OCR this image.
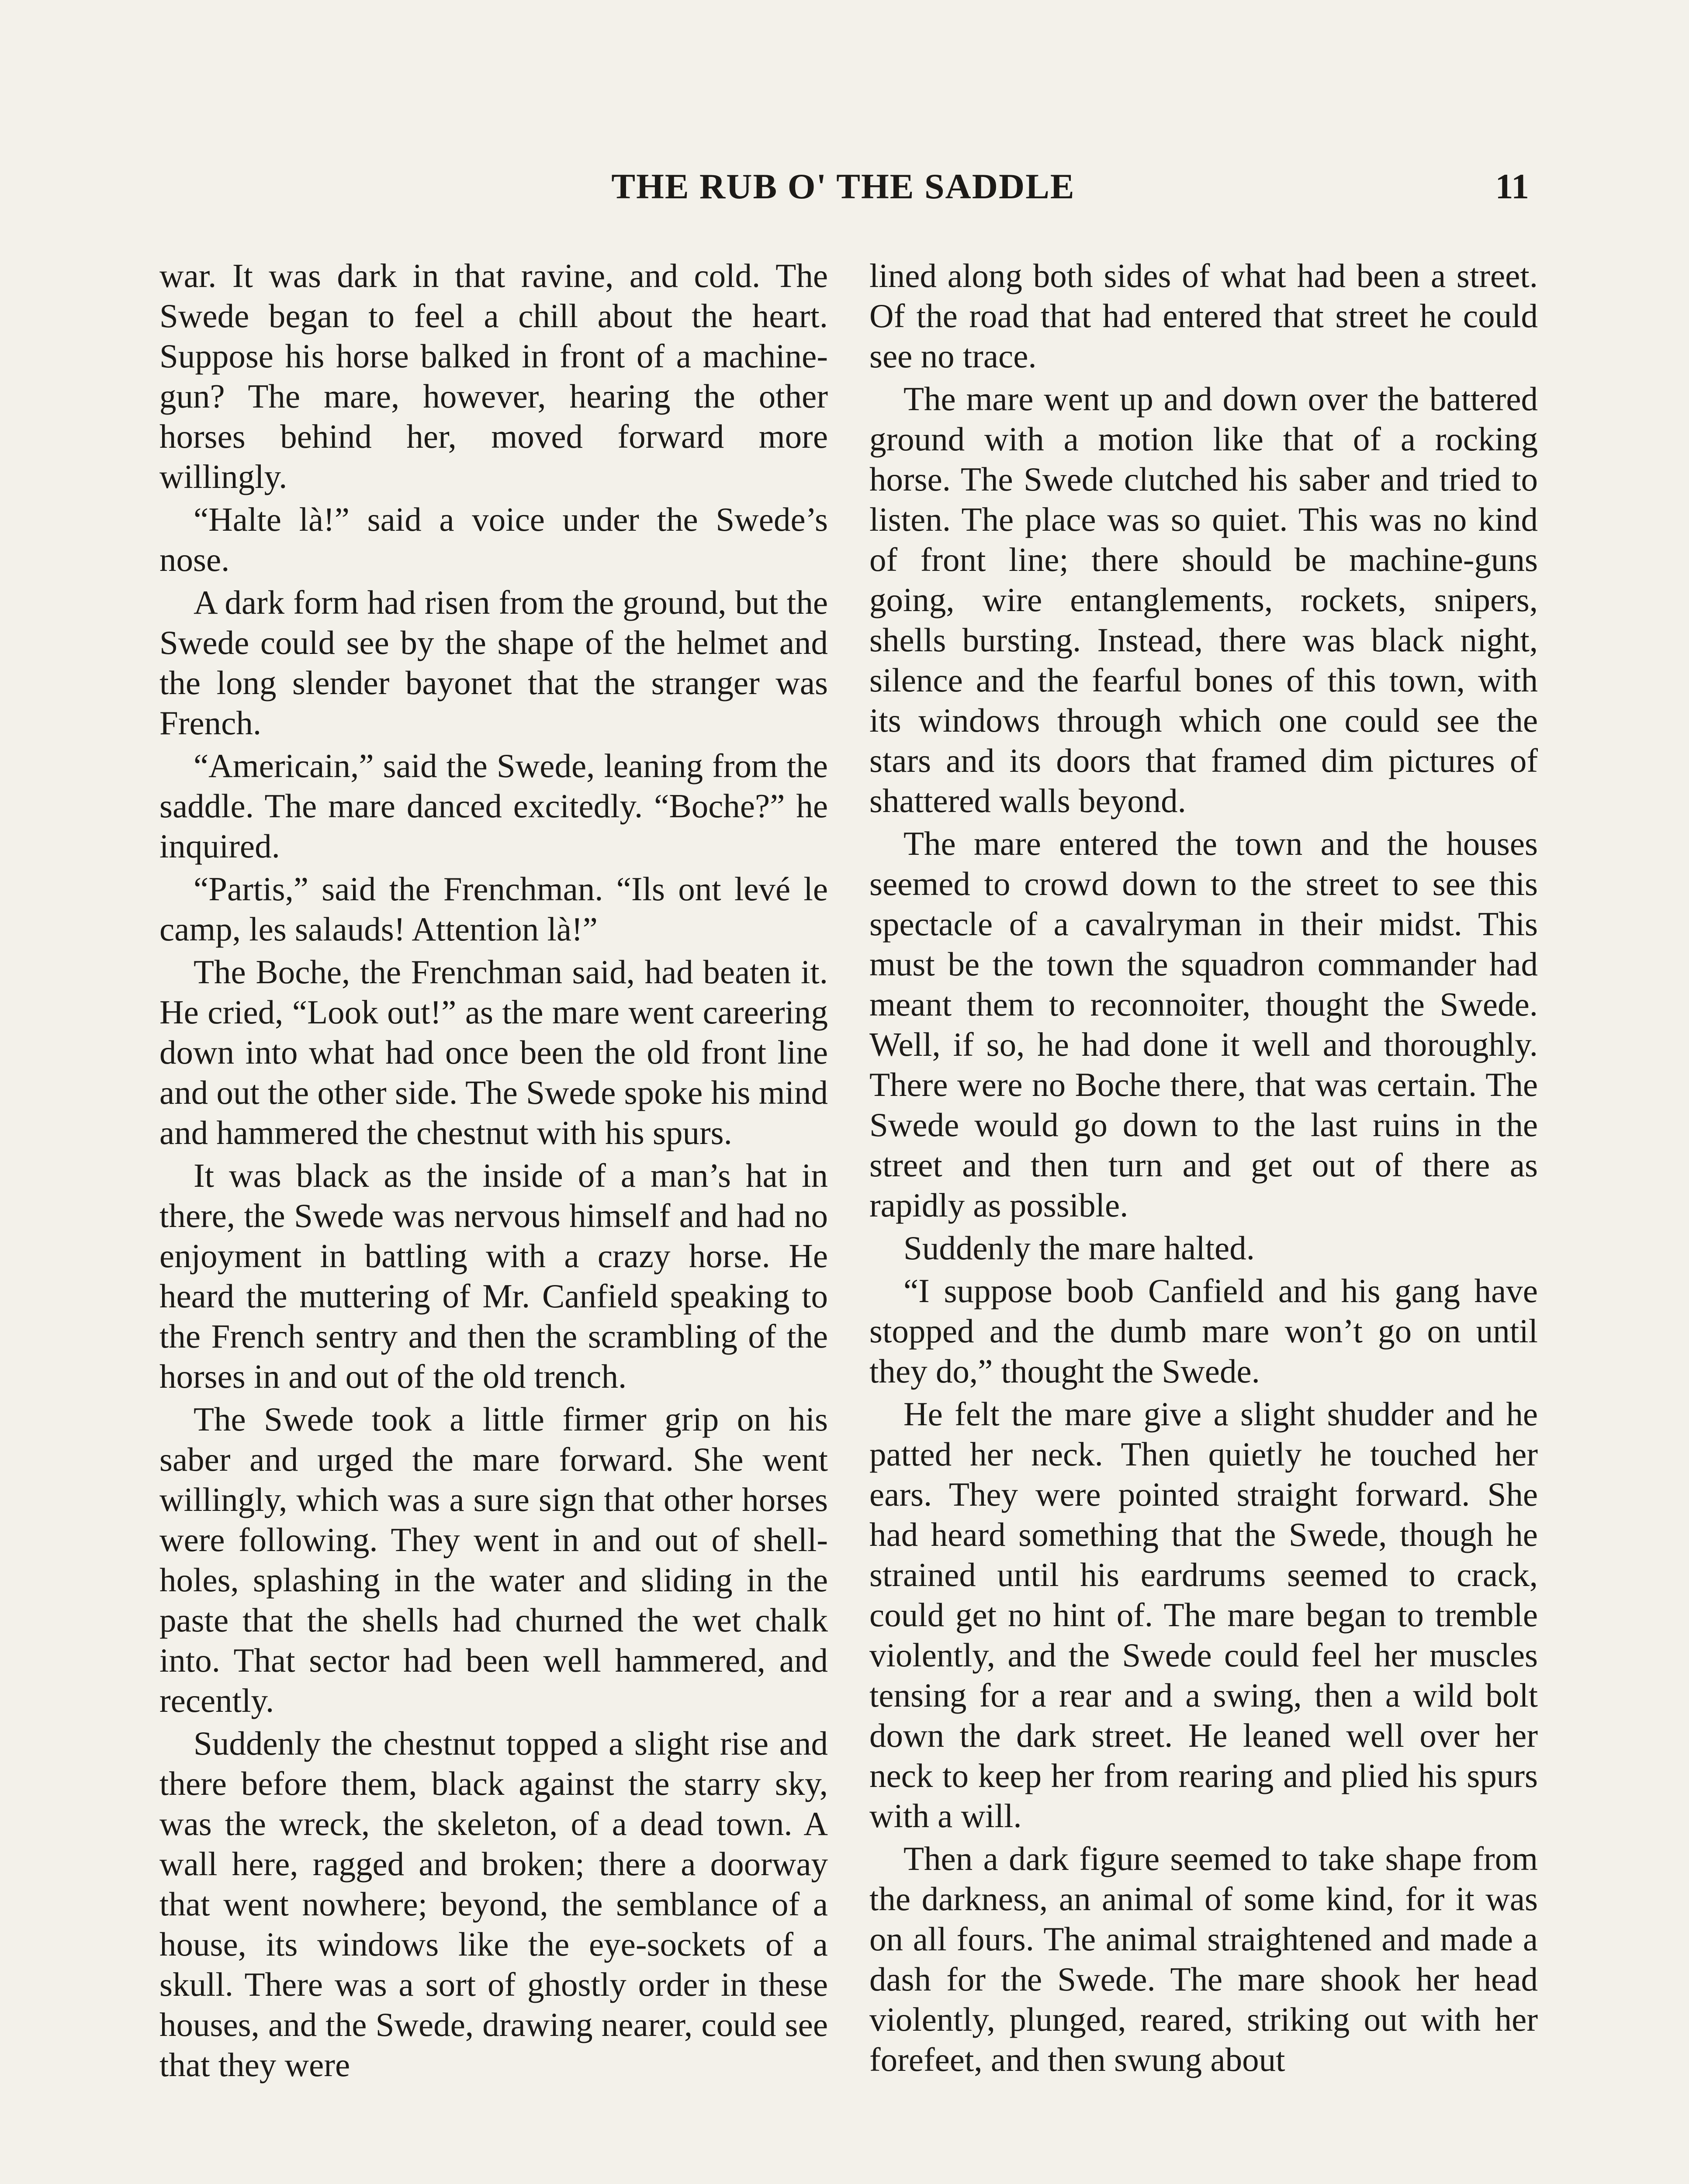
THE RUB O' THE SADDLE	11

war. It was dark in that ravine, and cold. The Swede began to feel a chill about the heart. Suppose his horse balked in front of a machine-gun? The mare, however, hearing the other horses behind her, moved forward more willingly.

“Halte là!” said a voice under the Swede’s nose.

A dark form had risen from the ground, but the Swede could see by the shape of the helmet and the long slender bayonet that the stranger was French.

“Americain,” said the Swede, leaning from the saddle. The mare danced excitedly. “Boche?” he inquired.

“Partis,” said the Frenchman. “Ils ont levé le camp, les salauds! Attention là!”

The Boche, the Frenchman said, had beaten it. He cried, “Look out!” as the mare went careering down into what had once been the old front line and out the other side. The Swede spoke his mind and hammered the chestnut with his spurs.

It was black as the inside of a man’s hat in there, the Swede was nervous himself and had no enjoyment in battling with a crazy horse. He heard the muttering of Mr. Canfield speaking to the French sentry and then the scrambling of the horses in and out of the old trench.

The Swede took a little firmer grip on his saber and urged the mare forward. She went willingly, which was a sure sign that other horses were following. They went in and out of shell-holes, splashing in the water and sliding in the paste that the shells had churned the wet chalk into. That sector had been well hammered, and recently.

Suddenly the chestnut topped a slight rise and there before them, black against the starry sky, was the wreck, the skeleton, of a dead town. A wall here, ragged and broken; there a doorway that went nowhere; beyond, the semblance of a house, its windows like the eye-sockets of a skull. There was a sort of ghostly order in these houses, and the Swede, drawing nearer, could see that they were

lined along both sides of what had been a street. Of the road that had entered that street he could see no trace.

The mare went up and down over the battered ground with a motion like that of a rocking horse. The Swede clutched his saber and tried to listen. The place was so quiet. This was no kind of front line; there should be machine-guns going, wire entanglements, rockets, snipers, shells bursting. Instead, there was black night, silence and the fearful bones of this town, with its windows through which one could see the stars and its doors that framed dim pictures of shattered walls beyond.

The mare entered the town and the houses seemed to crowd down to the street to see this spectacle of a cavalryman in their midst. This must be the town the squadron commander had meant them to reconnoiter, thought the Swede. Well, if so, he had done it well and thoroughly. There were no Boche there, that was certain. The Swede would go down to the last ruins in the street and then turn and get out of there as rapidly as possible.

Suddenly the mare halted.

“I suppose boob Canfield and his gang have stopped and the dumb mare won’t go on until they do,” thought the Swede.

He felt the mare give a slight shudder and he patted her neck. Then quietly he touched her ears. They were pointed straight forward. She had heard something that the Swede, though he strained until his eardrums seemed to crack, could get no hint of. The mare began to tremble violently, and the Swede could feel her muscles tensing for a rear and a swing, then a wild bolt down the dark street. He leaned well over her neck to keep her from rearing and plied his spurs with a will.

Then a dark figure seemed to take shape from the darkness, an animal of some kind, for it was on all fours. The animal straightened and made a dash for the Swede. The mare shook her head violently, plunged, reared, striking out with her forefeet, and then swung about
